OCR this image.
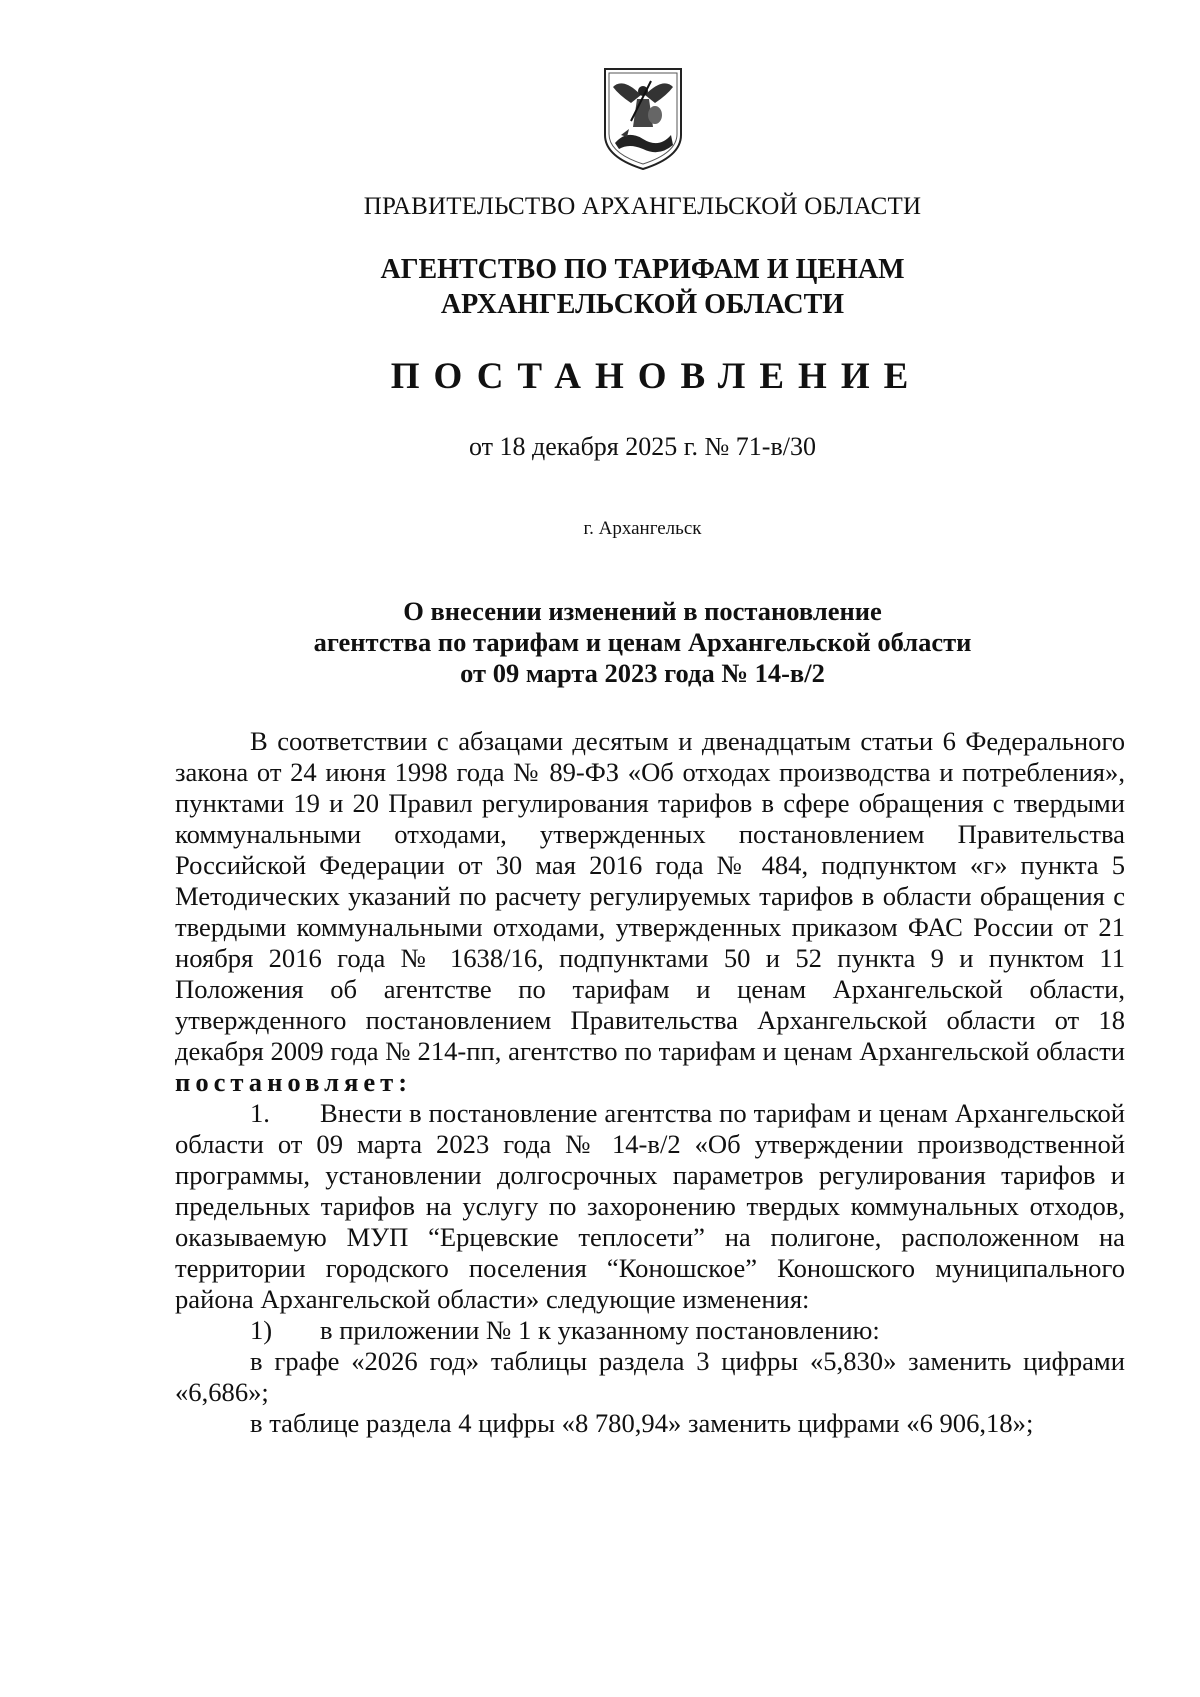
ПРАВИТЕЛЬСТВО АРХАНГЕЛЬСКОЙ ОБЛАСТИ
АГЕНТСТВО ПО ТАРИФАМ И ЦЕНАМ
АРХАНГЕЛЬСКОЙ ОБЛАСТИ
ПОСТАНОВЛЕНИЕ
от 18 декабря 2025 г. № 71-в/30
г. Архангельск
О внесении изменений в постановление
агентства по тарифам и ценам Архангельской области
от 09 марта 2023 года № 14-в/2

В соответствии с абзацами десятым и двенадцатым статьи 6 Федерального закона от 24 июня 1998 года № 89-ФЗ «Об отходах производства и потребления», пунктами 19 и 20 Правил регулирования тарифов в сфере обращения с твердыми коммунальными отходами, утвержденных постановлением Правительства Российской Федерации от 30 мая 2016 года № 484, подпунктом «г» пункта 5 Методических указаний по расчету регулируемых тарифов в области обращения с твердыми коммунальными отходами, утвержденных приказом ФАС России от 21 ноября 2016 года № 1638/16, подпунктами 50 и 52 пункта 9 и пунктом 11 Положения об агентстве по тарифам и ценам Архангельской области, утвержденного постановлением Правительства Архангельской области от 18 декабря 2009 года № 214-пп, агентство по тарифам и ценам Архангельской области постановляет:

1. Внести в постановление агентства по тарифам и ценам Архангельской области от 09 марта 2023 года № 14-в/2 «Об утверждении производственной программы, установлении долгосрочных параметров регулирования тарифов и предельных тарифов на услугу по захоронению твердых коммунальных отходов, оказываемую МУП “Ерцевские теплосети” на полигоне, расположенном на территории городского поселения “Коношское” Коношского муниципального района Архангельской области» следующие изменения:

1) в приложении № 1 к указанному постановлению:

в графе «2026 год» таблицы раздела 3 цифры «5,830» заменить цифрами «6,686»;

в таблице раздела 4 цифры «8 780,94» заменить цифрами «6 906,18»;
